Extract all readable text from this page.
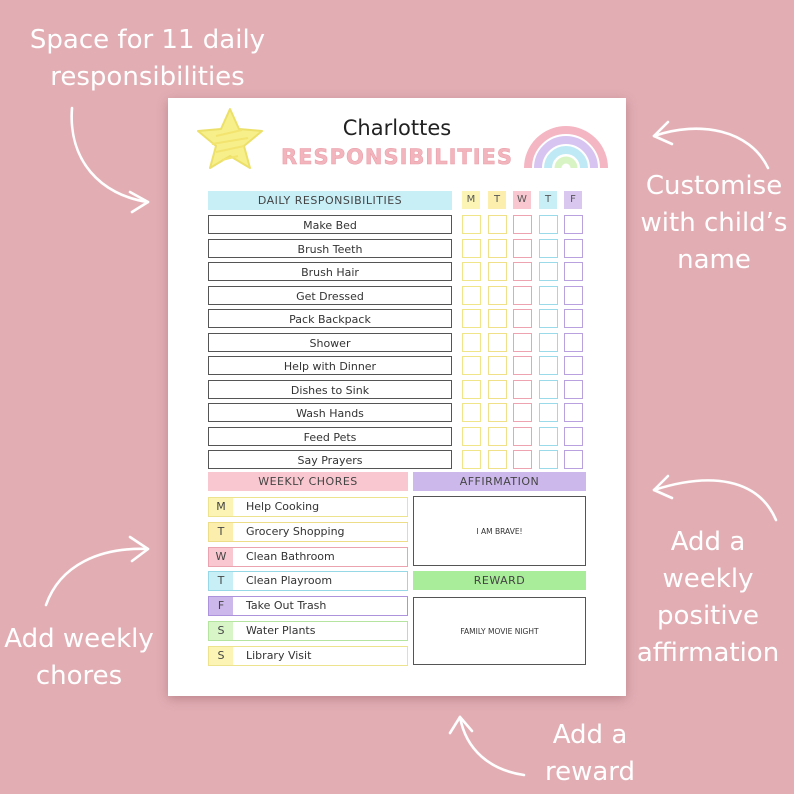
Space for 11 daily
responsibilities
Customise
with child’s
name
Add weekly
chores
Add a
weekly
positive
affirmation
Add a
reward
Charlottes
RESPONSIBILITIES
DAILY RESPONSIBILITIES	M	T	W	T	F
Make Bed
Brush Teeth
Brush Hair
Get Dressed
Pack Backpack
Shower
Help with Dinner
Dishes to Sink
Wash Hands
Feed Pets
Say Prayers
WEEKLY CHORES
M	Help Cooking
T	Grocery Shopping
W	Clean Bathroom
T	Clean Playroom
F	Take Out Trash
S	Water Plants
S	Library Visit
AFFIRMATION
I AM BRAVE!
REWARD
FAMILY MOVIE NIGHT
